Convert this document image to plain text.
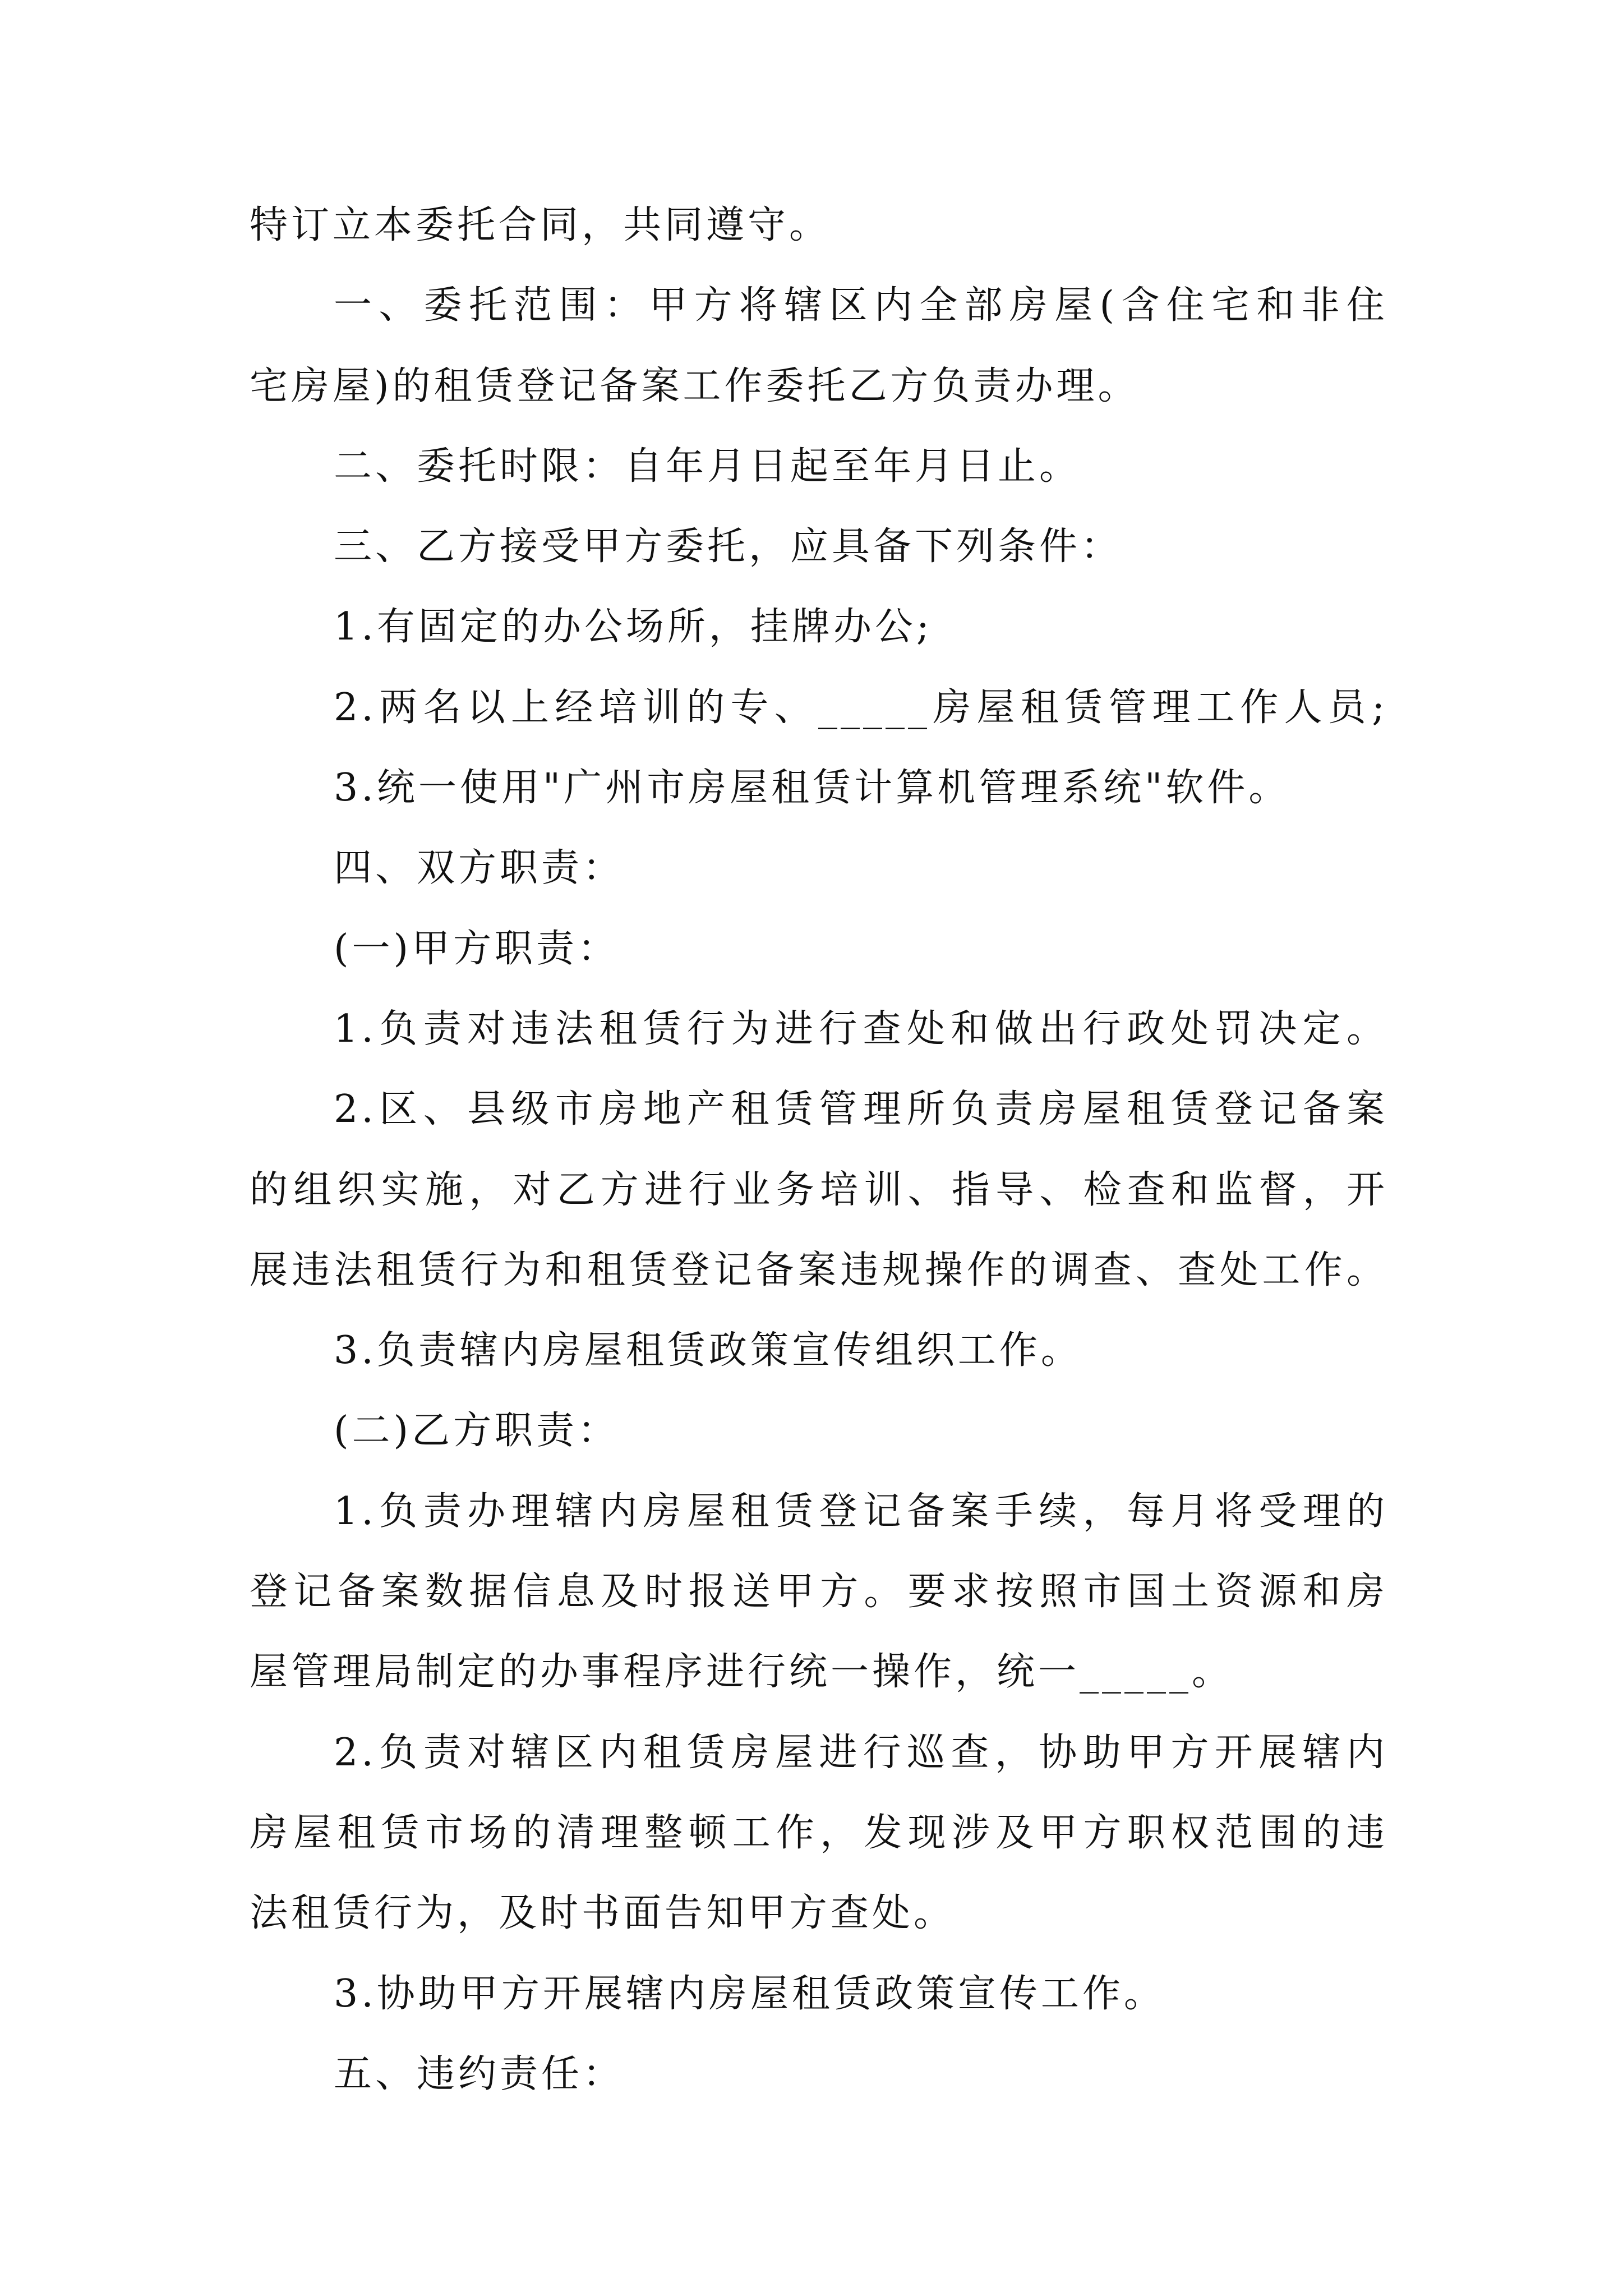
特订立本委托合同，共同遵守。
一、委托范围：甲方将辖区内全部房屋(含住宅和非住
宅房屋)的租赁登记备案工作委托乙方负责办理。
二、委托时限：自年月日起至年月日止。
三、乙方接受甲方委托，应具备下列条件：
1.有固定的办公场所，挂牌办公;
2.两名以上经培训的专、_____房屋租赁管理工作人员;
3.统一使用"广州市房屋租赁计算机管理系统"软件。
四、双方职责：
(一)甲方职责：
1.负责对违法租赁行为进行查处和做出行政处罚决定。
2.区、县级市房地产租赁管理所负责房屋租赁登记备案
的组织实施，对乙方进行业务培训、指导、检查和监督，开
展违法租赁行为和租赁登记备案违规操作的调查、查处工作。
3.负责辖内房屋租赁政策宣传组织工作。
(二)乙方职责：
1.负责办理辖内房屋租赁登记备案手续，每月将受理的
登记备案数据信息及时报送甲方。要求按照市国土资源和房
屋管理局制定的办事程序进行统一操作，统一_____。
2.负责对辖区内租赁房屋进行巡查，协助甲方开展辖内
房屋租赁市场的清理整顿工作，发现涉及甲方职权范围的违
法租赁行为，及时书面告知甲方查处。
3.协助甲方开展辖内房屋租赁政策宣传工作。
五、违约责任：
